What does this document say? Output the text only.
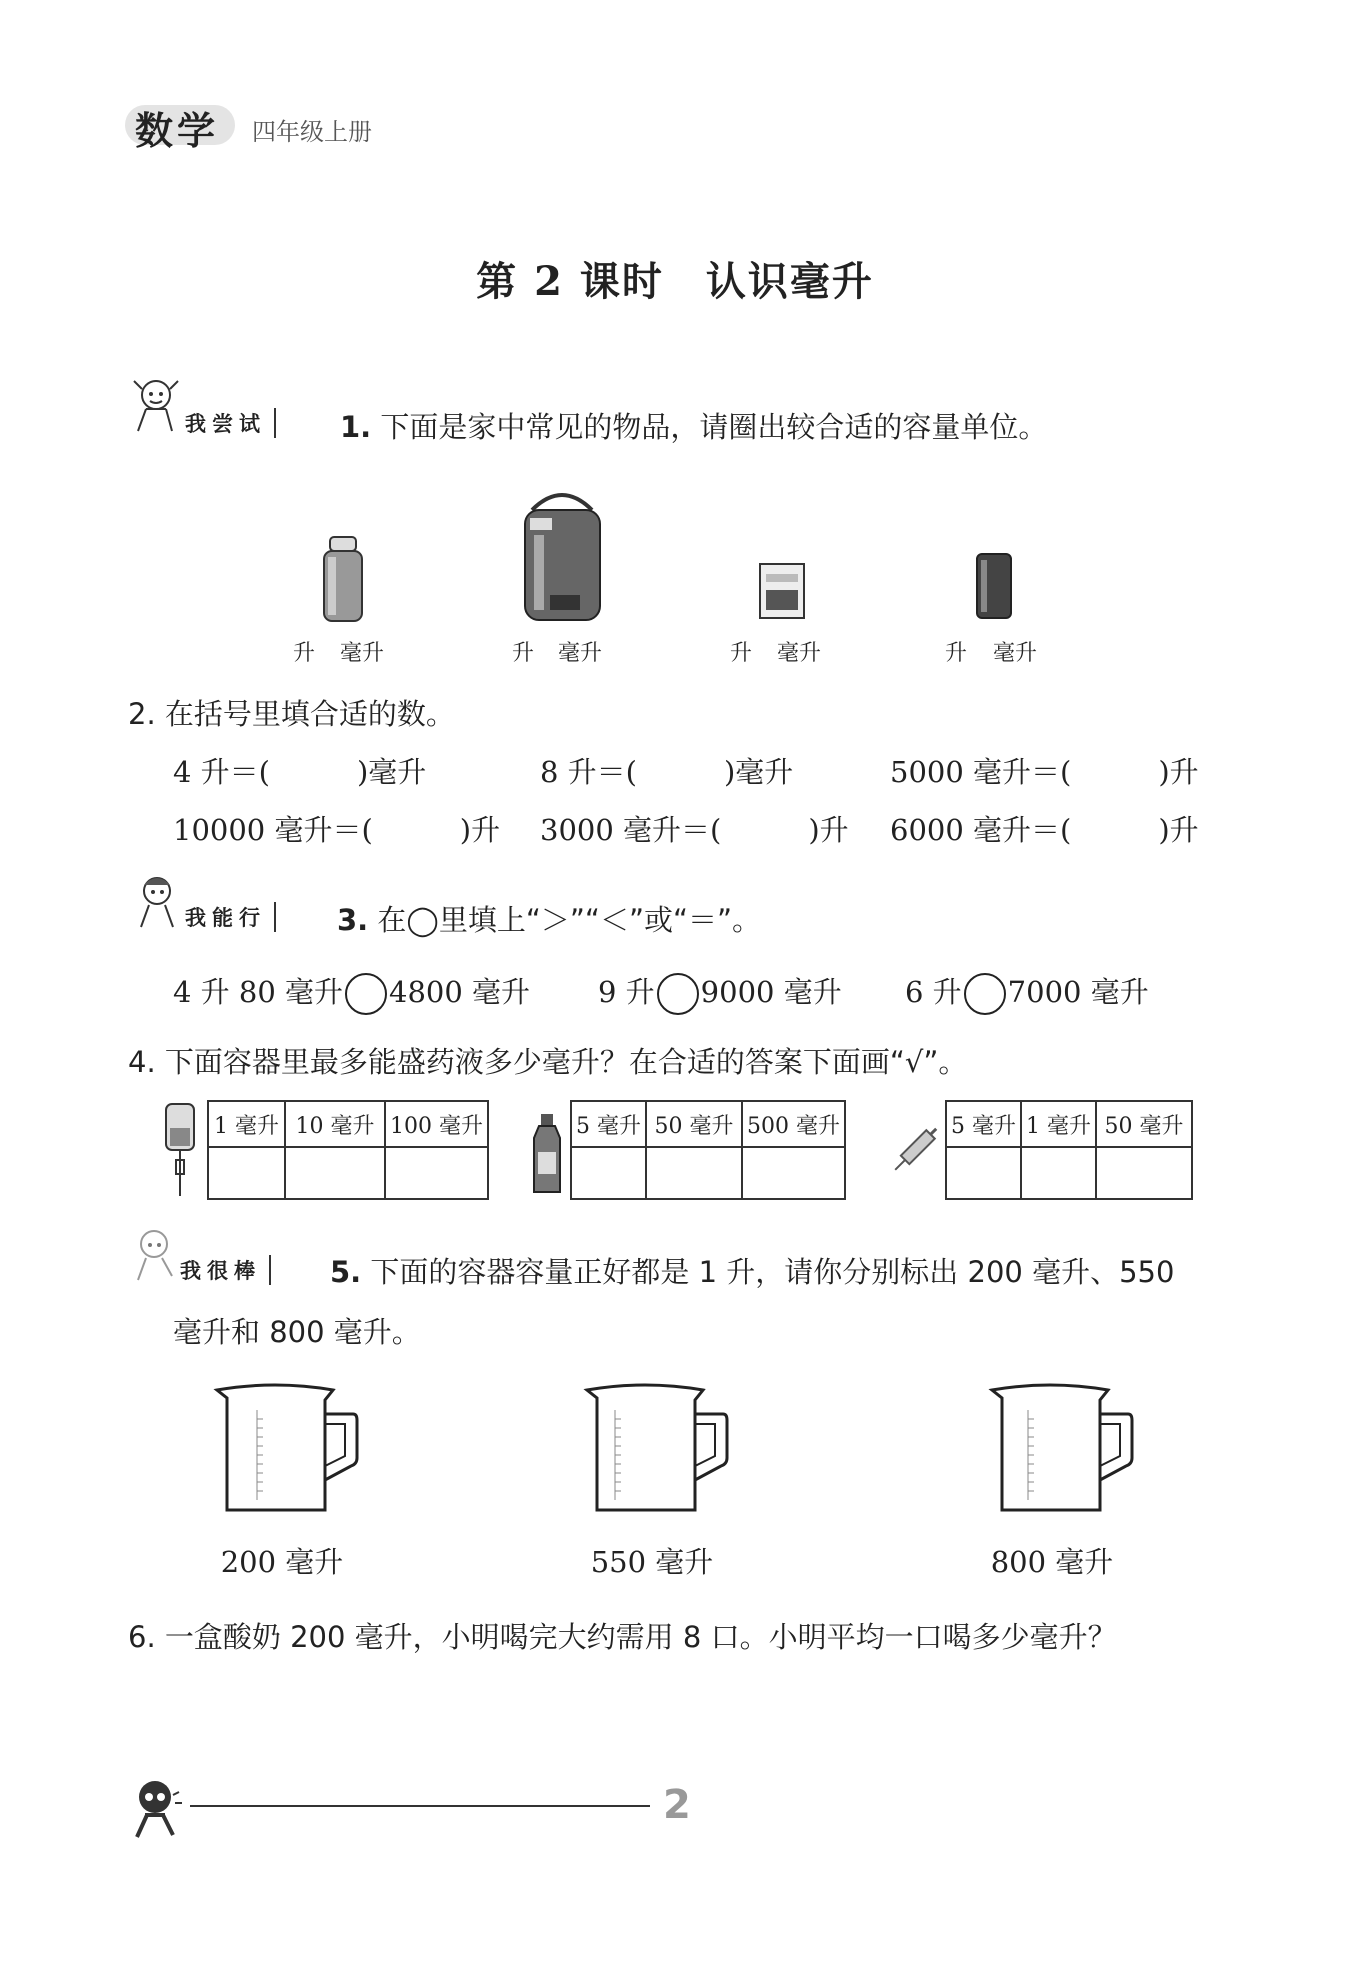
数学 四年级上册
第 2 课时　认识毫升
我尝试	1. 下面是家中常见的物品，请圈出较合适的容量单位。
升 毫升	升 毫升	升 毫升	升 毫升
2. 在括号里填合适的数。
4 升＝(　　　)毫升	8 升＝(　　　)毫升	5000 毫升＝(　　　)升
10000 毫升＝(　　　)升 3000 毫升＝(　　　)升 6000 毫升＝(　　　)升
我能行	3. 在◯里填上“＞”“＜”或“＝”。
4 升 80 毫升 4800 毫升 9 升 9000 毫升 6 升 7000 毫升
4. 下面容器里最多能盛药液多少毫升？在合适的答案下面画“√”。
1 毫升	10 毫升	100 毫升
			5 毫升	50 毫升	500 毫升
			5 毫升	1 毫升	50 毫升

我很棒	5. 下面的容器容量正好都是 1 升，请你分别标出 200 毫升、550
毫升和 800 毫升。
200 毫升	550 毫升	800 毫升
6. 一盒酸奶 200 毫升，小明喝完大约需用 8 口。小明平均一口喝多少毫升？
2
